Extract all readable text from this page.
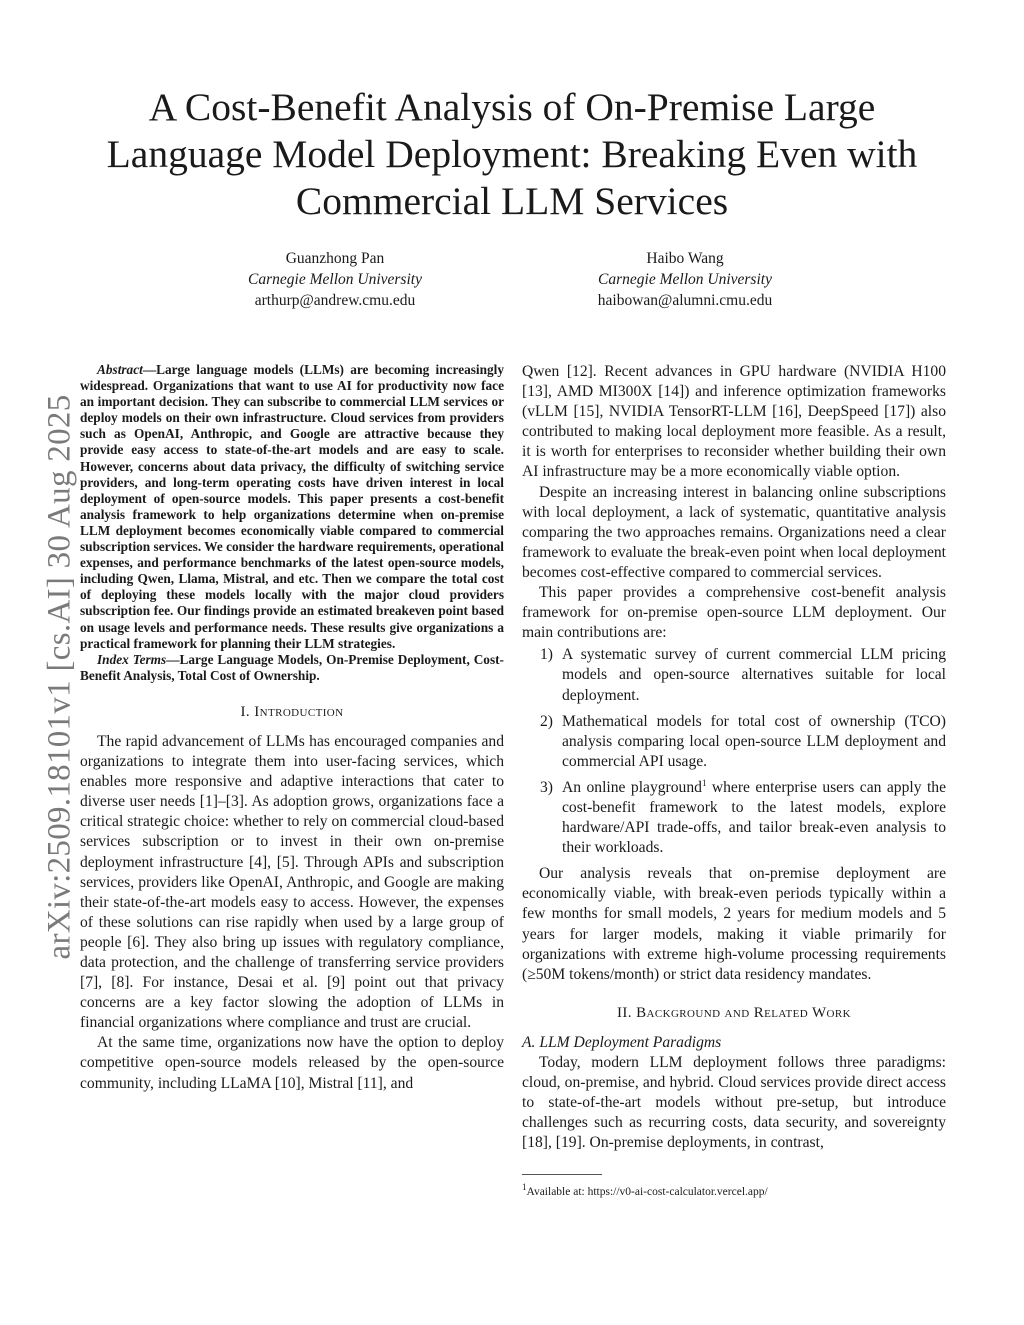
arXiv:2509.18101v1 [cs.AI] 30 Aug 2025
A Cost-Benefit Analysis of On-Premise Large Language Model Deployment: Breaking Even with Commercial LLM Services
Guanzhong Pan
Carnegie Mellon University
arthurp@andrew.cmu.edu
Haibo Wang
Carnegie Mellon University
haibowan@alumni.cmu.edu

Abstract—Large language models (LLMs) are becoming increasingly widespread. Organizations that want to use AI for productivity now face an important decision. They can subscribe to commercial LLM services or deploy models on their own infrastructure. Cloud services from providers such as OpenAI, Anthropic, and Google are attractive because they provide easy access to state-of-the-art models and are easy to scale. However, concerns about data privacy, the difficulty of switching service providers, and long-term operating costs have driven interest in local deployment of open-source models. This paper presents a cost-benefit analysis framework to help organizations determine when on-premise LLM deployment becomes economically viable compared to commercial subscription services. We consider the hardware requirements, operational expenses, and performance benchmarks of the latest open-source models, including Qwen, Llama, Mistral, and etc. Then we compare the total cost of deploying these models locally with the major cloud providers subscription fee. Our findings provide an estimated breakeven point based on usage levels and performance needs. These results give organizations a practical framework for planning their LLM strategies.

Index Terms—Large Language Models, On-Premise Deployment, Cost-Benefit Analysis, Total Cost of Ownership.

I. Introduction

The rapid advancement of LLMs has encouraged companies and organizations to integrate them into user-facing services, which enables more responsive and adaptive interactions that cater to diverse user needs [1]–[3]. As adoption grows, organizations face a critical strategic choice: whether to rely on commercial cloud-based services subscription or to invest in their own on-premise deployment infrastructure [4], [5]. Through APIs and subscription services, providers like OpenAI, Anthropic, and Google are making their state-of-the-art models easy to access. However, the expenses of these solutions can rise rapidly when used by a large group of people [6]. They also bring up issues with regulatory compliance, data protection, and the challenge of transferring service providers [7], [8]. For instance, Desai et al. [9] point out that privacy concerns are a key factor slowing the adoption of LLMs in financial organizations where compliance and trust are crucial.

At the same time, organizations now have the option to deploy competitive open-source models released by the open-source community, including LLaMA [10], Mistral [11], and

Qwen [12]. Recent advances in GPU hardware (NVIDIA H100 [13], AMD MI300X [14]) and inference optimization frameworks (vLLM [15], NVIDIA TensorRT-LLM [16], DeepSpeed [17]) also contributed to making local deployment more feasible. As a result, it is worth for enterprises to reconsider whether building their own AI infrastructure may be a more economically viable option.

Despite an increasing interest in balancing online subscriptions with local deployment, a lack of systematic, quantitative analysis comparing the two approaches remains. Organizations need a clear framework to evaluate the break-even point when local deployment becomes cost-effective compared to commercial services.

This paper provides a comprehensive cost-benefit analysis framework for on-premise open-source LLM deployment. Our main contributions are:

1) A systematic survey of current commercial LLM pricing models and open-source alternatives suitable for local deployment.
2) Mathematical models for total cost of ownership (TCO) analysis comparing local open-source LLM deployment and commercial API usage.
3) An online playground$^1$ where enterprise users can apply the cost-benefit framework to the latest models, explore hardware/API trade-offs, and tailor break-even analysis to their workloads.

Our analysis reveals that on-premise deployment are economically viable, with break-even periods typically within a few months for small models, 2 years for medium models and 5 years for larger models, making it viable primarily for organizations with extreme high-volume processing requirements (≥50M tokens/month) or strict data residency mandates.

II. Background and Related Work

A. LLM Deployment Paradigms

Today, modern LLM deployment follows three paradigms: cloud, on-premise, and hybrid. Cloud services provide direct access to state-of-the-art models without pre-setup, but introduce challenges such as recurring costs, data security, and sovereignty [18], [19]. On-premise deployments, in contrast,

$^1$Available at: https://v0-ai-cost-calculator.vercel.app/
